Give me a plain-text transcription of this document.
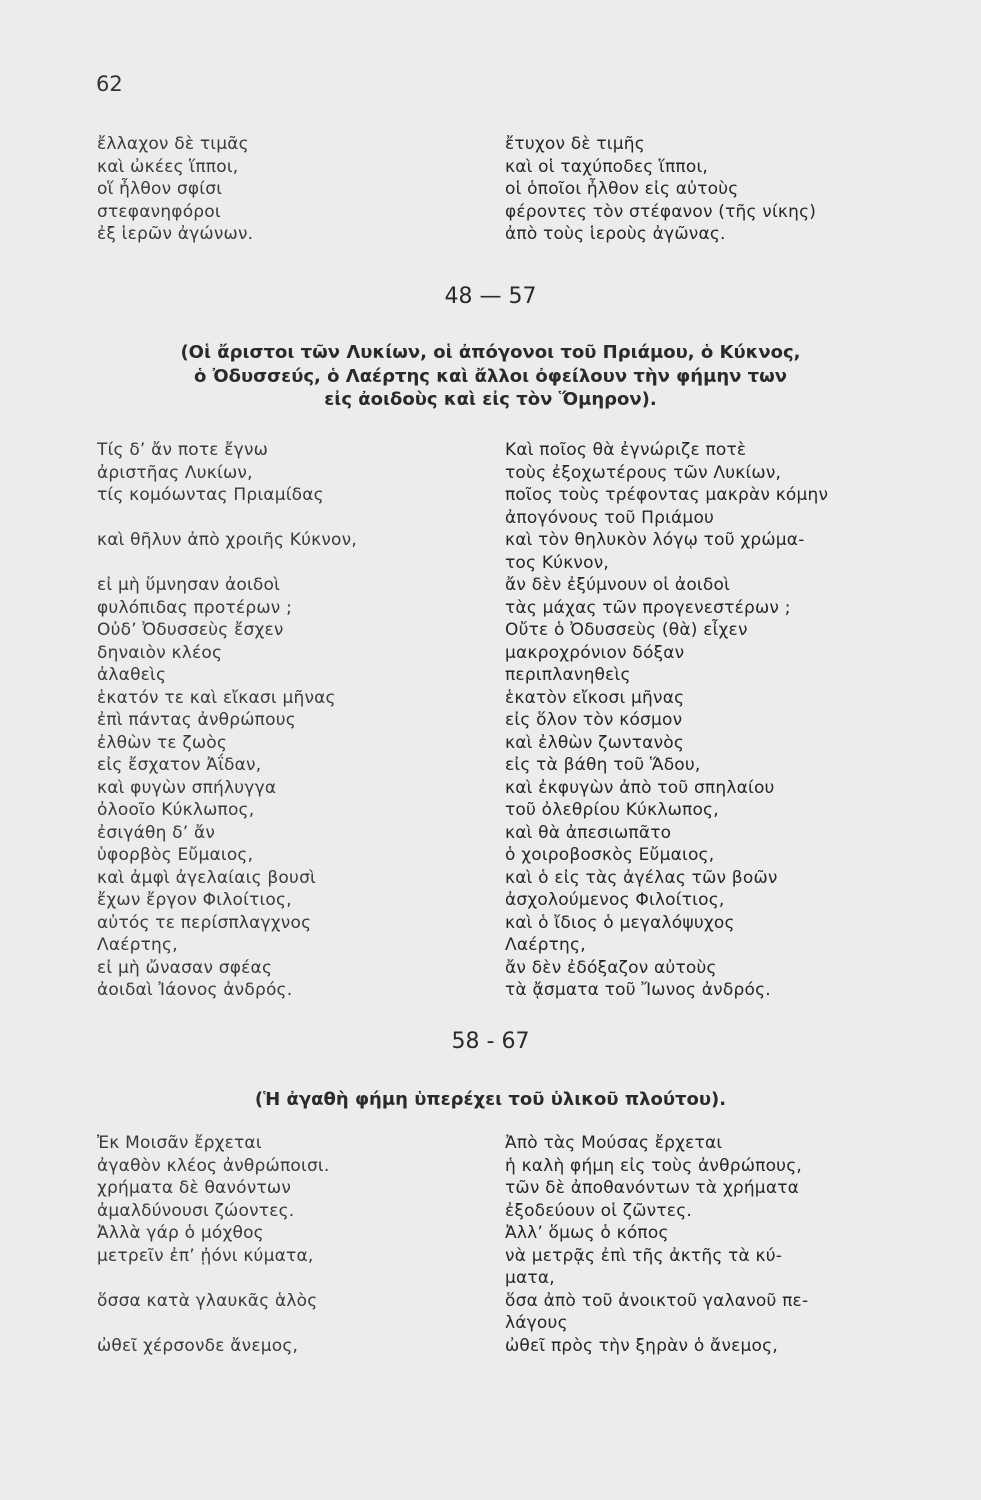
62
ἔλλαχον δὲ τιμᾶς	ἔτυχον δὲ τιμῆς
καὶ ὠκέες ἵπποι,	καὶ οἱ ταχύποδες ἵπποι,
οἵ ἦλθον σφίσι	οἱ ὁποῖοι ἦλθον εἰς αὐτοὺς
στεφανηφόροι	φέροντες τὸν στέφανον (τῆς νίκης)
ἐξ ἱερῶν ἀγώνων.	ἀπὸ τοὺς ἱεροὺς ἀγῶνας.
48 — 57
(Οἱ ἄριστοι τῶν Λυκίων, οἱ ἀπόγονοι τοῦ Πριάμου, ὁ Κύκνος,
ὁ Ὀδυσσεύς, ὁ Λαέρτης καὶ ἄλλοι ὀφείλουν τὴν φήμην των
εἰς ἀοιδοὺς καὶ εἰς τὸν Ὅμηρον).
Τίς δ’ ἄν ποτε ἔγνω	Καὶ ποῖος θὰ ἐγνώριζε ποτὲ
ἀριστῆας Λυκίων,	τοὺς ἐξοχωτέρους τῶν Λυκίων,
τίς κομόωντας Πριαμίδας	ποῖος τοὺς τρέφοντας μακρὰν κόμην
ἀπογόνους τοῦ Πριάμου
καὶ θῆλυν ἀπὸ χροιῆς Κύκνον,	καὶ τὸν θηλυκὸν λόγῳ τοῦ χρώμα-
τος Κύκνον,
εἰ μὴ ὕμνησαν ἀοιδοὶ	ἄν δὲν ἐξύμνουν οἱ ἀοιδοὶ
φυλόπιδας προτέρων ;	τὰς μάχας τῶν προγενεστέρων ;
Οὐδ’ Ὀδυσσεὺς ἔσχεν	Οὔτε ὁ Ὀδυσσεὺς (θὰ) εἶχεν
δηναιὸν κλέος	μακροχρόνιον δόξαν
ἀλαθεὶς	περιπλανηθεὶς
ἑκατόν τε καὶ εἴκασι μῆνας	ἑκατὸν εἴκοσι μῆνας
ἐπὶ πάντας ἀνθρώπους	εἰς ὅλον τὸν κόσμον
ἐλθὼν τε ζωὸς	καὶ ἐλθὼν ζωντανὸς
εἰς ἔσχατον Ἀΐδαν,	εἰς τὰ βάθη τοῦ Ἅδου,
καὶ φυγὼν σπήλυγγα	καὶ ἐκφυγὼν ἀπὸ τοῦ σπηλαίου
ὀλοοῖο Κύκλωπος,	τοῦ ὀλεθρίου Κύκλωπος,
ἐσιγάθη δ’ ἄν	καὶ θὰ ἀπεσιωπᾶτο
ὑφορβὸς Εὔμαιος,	ὁ χοιροβοσκὸς Εὔμαιος,
καὶ ἀμφὶ ἀγελαίαις βουσὶ	καὶ ὁ εἰς τὰς ἀγέλας τῶν βοῶν
ἔχων ἔργον Φιλοίτιος,	ἀσχολούμενος Φιλοίτιος,
αὐτός τε περίσπλαγχνος	καὶ ὁ ἴδιος ὁ μεγαλόψυχος
Λαέρτης,	Λαέρτης,
εἰ μὴ ὤνασαν σφέας	ἄν δὲν ἐδόξαζον αὐτοὺς
ἀοιδαὶ Ἰάονος ἀνδρός.	τὰ ᾄσματα τοῦ Ἴωνος ἀνδρός.
58 - 67
(Ἡ ἀγαθὴ φήμη ὑπερέχει τοῦ ὑλικοῦ πλούτου).
Ἐκ Μοισᾶν ἔρχεται	Ἀπὸ τὰς Μούσας ἔρχεται
ἀγαθὸν κλέος ἀνθρώποισι.	ἡ καλὴ φήμη εἰς τοὺς ἀνθρώπους,
χρήματα δὲ θανόντων	τῶν δὲ ἀποθανόντων τὰ χρήματα
ἀμαλδύνουσι ζώοντες.	ἐξοδεύουν οἱ ζῶντες.
Ἀλλὰ γάρ ὁ μόχθος	Ἀλλ’ ὅμως ὁ κόπος
μετρεῖν ἐπ’ ᾐόνι κύματα,	νὰ μετρᾷς ἐπὶ τῆς ἀκτῆς τὰ κύ-
ματα,
ὅσσα κατὰ γλαυκᾶς ἁλὸς	ὅσα ἀπὸ τοῦ ἀνοικτοῦ γαλανοῦ πε-
λάγους
ὠθεῖ χέρσονδε ἄνεμος,	ὠθεῖ πρὸς τὴν ξηρὰν ὁ ἄνεμος,
